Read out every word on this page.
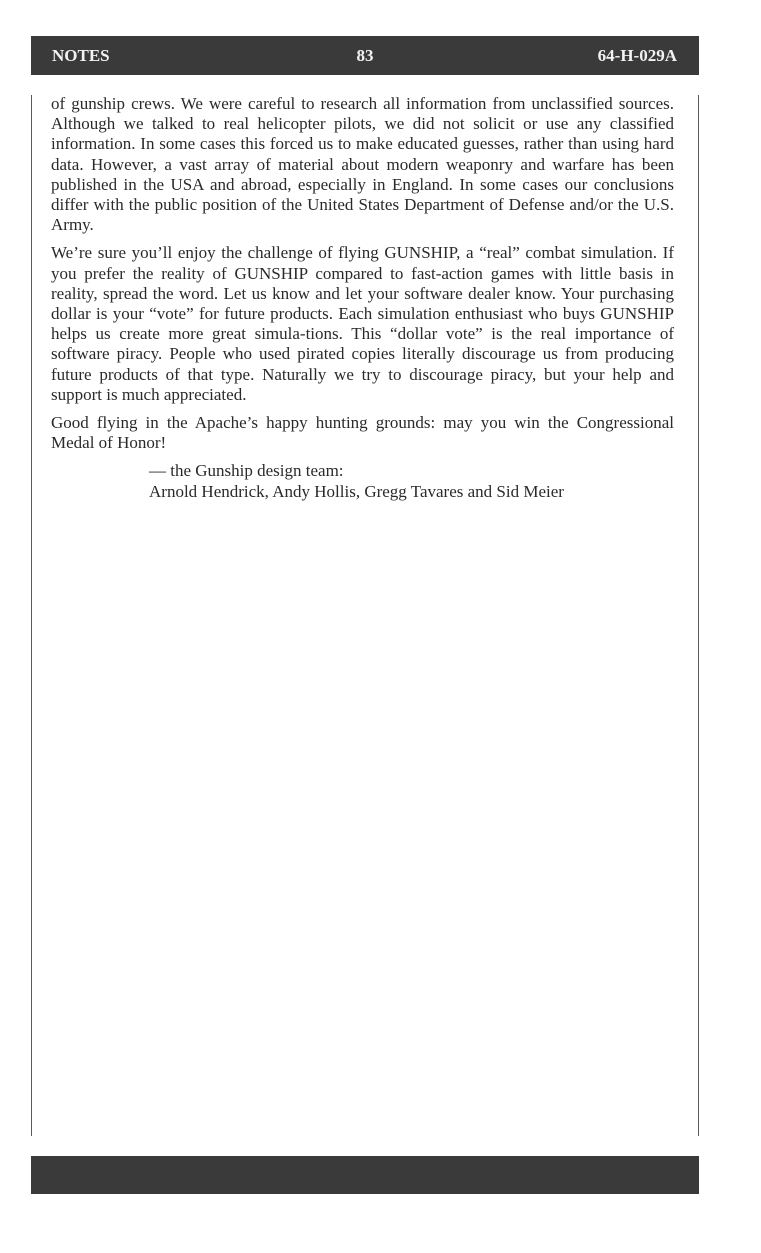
NOTES	83	64-H-029A

of gunship crews. We were careful to research all information from unclassified sources. Although we talked to real helicopter pilots, we did not solicit or use any classified information. In some cases this forced us to make educated guesses, rather than using hard data. However, a vast array of material about modern weaponry and warfare has been published in the USA and abroad, especially in England. In some cases our conclusions differ with the public position of the United States Department of Defense and/or the U.S. Army.

We’re sure you’ll enjoy the challenge of flying GUNSHIP, a “real” combat simulation. If you prefer the reality of GUNSHIP compared to fast-action games with little basis in reality, spread the word. Let us know and let your software dealer know. Your purchasing dollar is your “vote” for future products. Each simulation enthusiast who buys GUNSHIP helps us create more great simula-tions. This “dollar vote” is the real importance of software piracy. People who used pirated copies literally discourage us from producing future products of that type. Naturally we try to discourage piracy, but your help and support is much appreciated.

Good flying in the Apache’s happy hunting grounds: may you win the Congressional Medal of Honor!

— the Gunship design team:
Arnold Hendrick, Andy Hollis, Gregg Tavares and Sid Meier
